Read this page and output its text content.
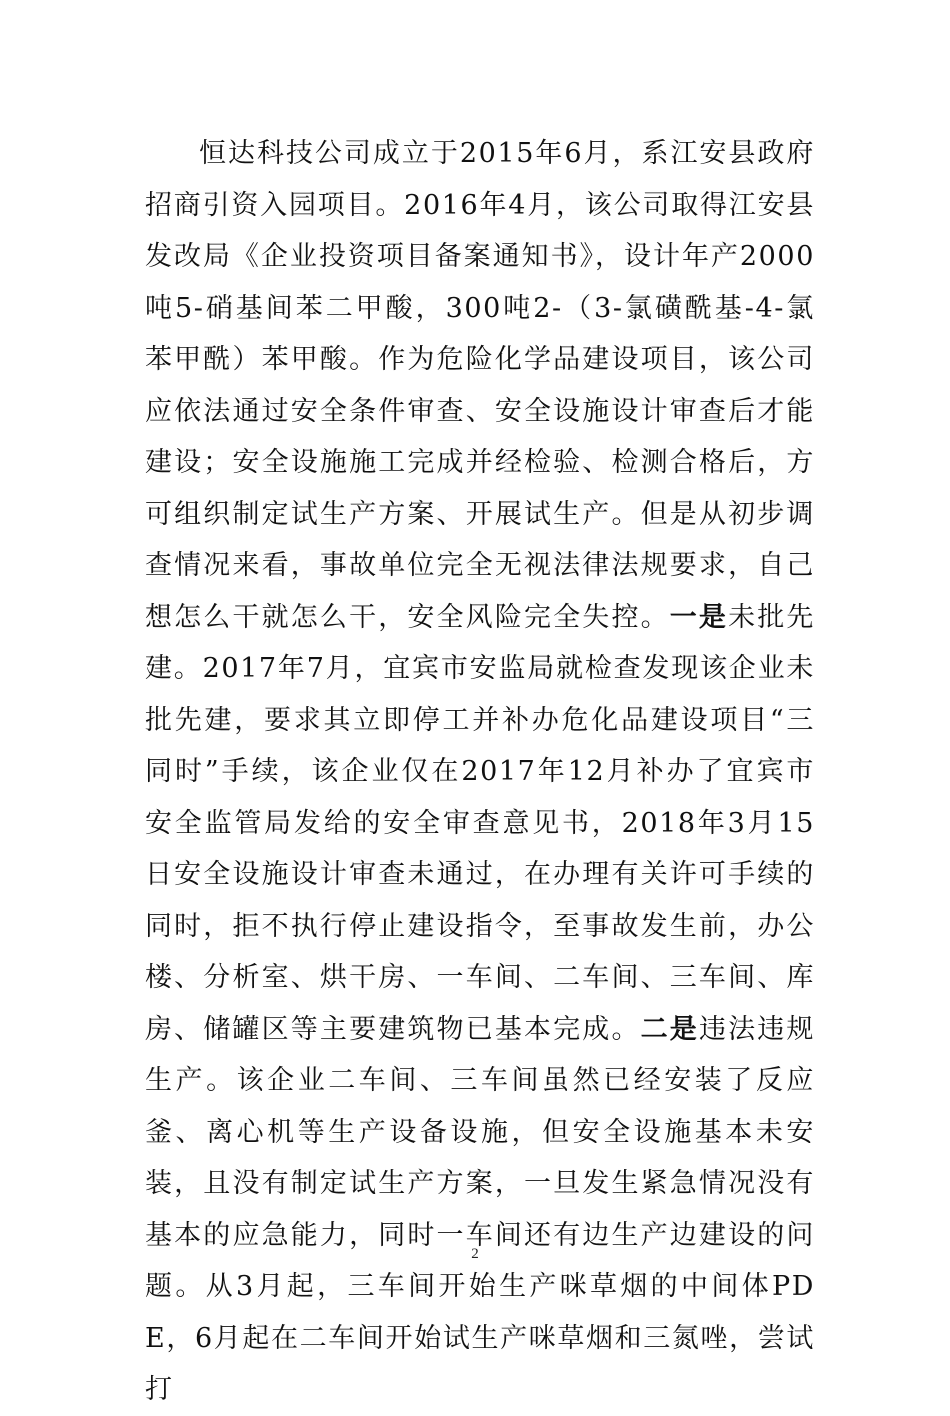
恒达科技公司成立于2015年6月，系江安县政府招商引资入园项目。2016年4月，该公司取得江安县发改局《企业投资项目备案通知书》，设计年产2000吨5-硝基间苯二甲酸，300吨2-（3-氯磺酰基-4-氯苯甲酰）苯甲酸。作为危险化学品建设项目，该公司应依法通过安全条件审查、安全设施设计审查后才能建设；安全设施施工完成并经检验、检测合格后，方可组织制定试生产方案、开展试生产。但是从初步调查情况来看，事故单位完全无视法律法规要求，自己想怎么干就怎么干，安全风险完全失控。一是未批先建。2017年7月，宜宾市安监局就检查发现该企业未批先建，要求其立即停工并补办危化品建设项目“三同时”手续，该企业仅在2017年12月补办了宜宾市安全监管局发给的安全审查意见书，2018年3月15日安全设施设计审查未通过，在办理有关许可手续的同时，拒不执行停止建设指令，至事故发生前，办公楼、分析室、烘干房、一车间、二车间、三车间、库房、储罐区等主要建筑物已基本完成。二是违法违规生产。该企业二车间、三车间虽然已经安装了反应釜、离心机等生产设备设施，但安全设施基本未安装，且没有制定试生产方案，一旦发生紧急情况没有基本的应急能力，同时一车间还有边生产边建设的问题。从3月起，三车间开始生产咪草烟的中间体PDE，6月起在二车间开始试生产咪草烟和三氮唑，尝试打

2
